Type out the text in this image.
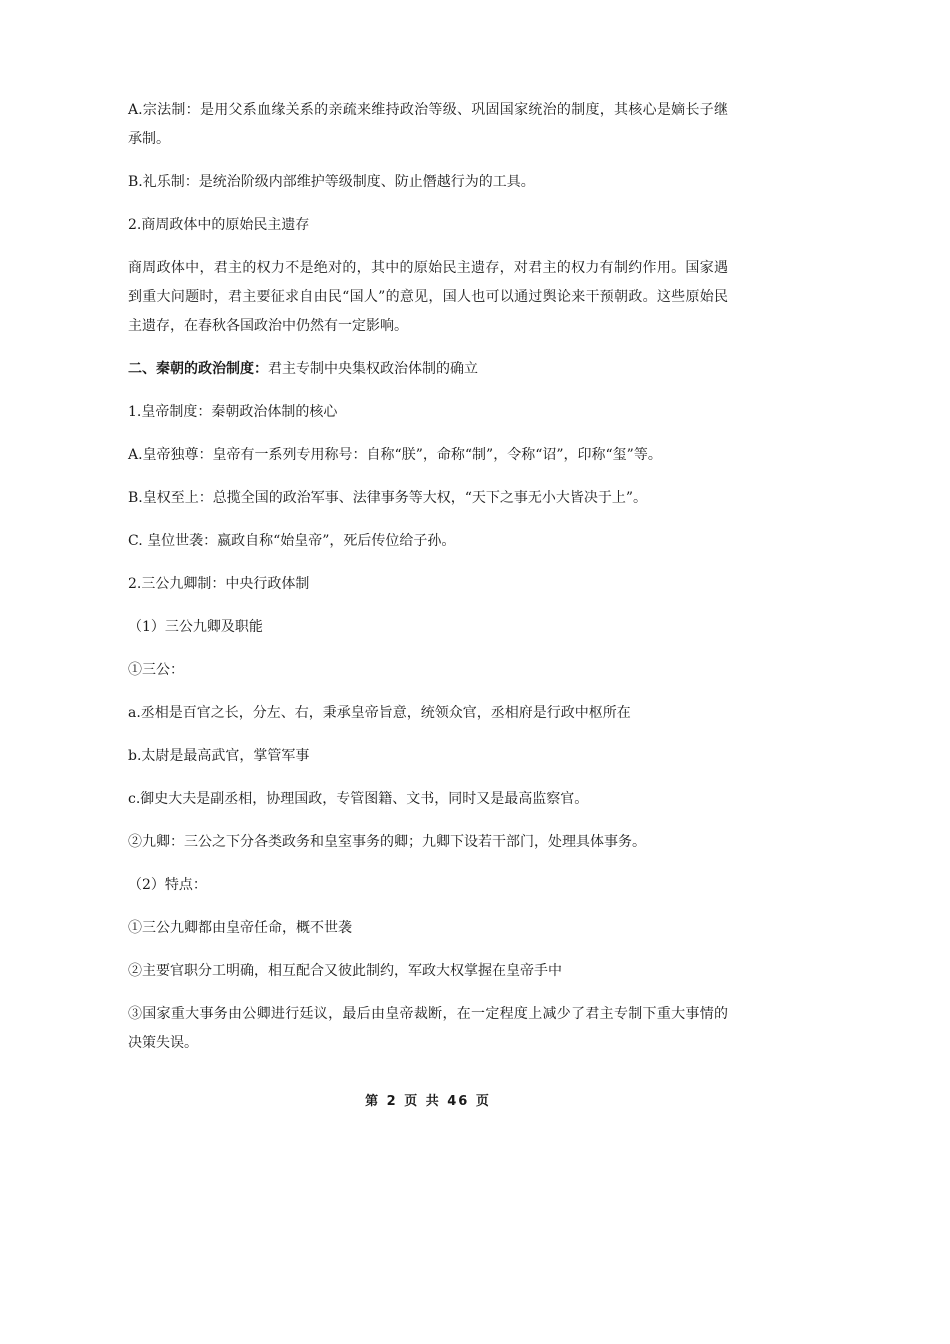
A.宗法制：是用父系血缘关系的亲疏来维持政治等级、巩固国家统治的制度，其核心是嫡长子继承制。

B.礼乐制：是统治阶级内部维护等级制度、防止僭越行为的工具。

2.商周政体中的原始民主遗存

商周政体中，君主的权力不是绝对的，其中的原始民主遗存，对君主的权力有制约作用。国家遇到重大问题时，君主要征求自由民“国人”的意见，国人也可以通过舆论来干预朝政。这些原始民主遗存，在春秋各国政治中仍然有一定影响。

二、秦朝的政治制度：君主专制中央集权政治体制的确立

1.皇帝制度：秦朝政治体制的核心

A.皇帝独尊：皇帝有一系列专用称号：自称“朕”，命称“制”，令称“诏”，印称“玺”等。

B.皇权至上：总揽全国的政治军事、法律事务等大权，“天下之事无小大皆决于上”。

C. 皇位世袭：嬴政自称“始皇帝”，死后传位给子孙。

2.三公九卿制：中央行政体制

（1）三公九卿及职能

①三公：

a.丞相是百官之长，分左、右，秉承皇帝旨意，统领众官，丞相府是行政中枢所在

b.太尉是最高武官，掌管军事

c.御史大夫是副丞相，协理国政，专管图籍、文书，同时又是最高监察官。

②九卿：三公之下分各类政务和皇室事务的卿；九卿下设若干部门，处理具体事务。

（2）特点：

①三公九卿都由皇帝任命，概不世袭

②主要官职分工明确，相互配合又彼此制约，军政大权掌握在皇帝手中

③国家重大事务由公卿进行廷议，最后由皇帝裁断，在一定程度上减少了君主专制下重大事情的决策失误。

第 2 页 共 46 页
